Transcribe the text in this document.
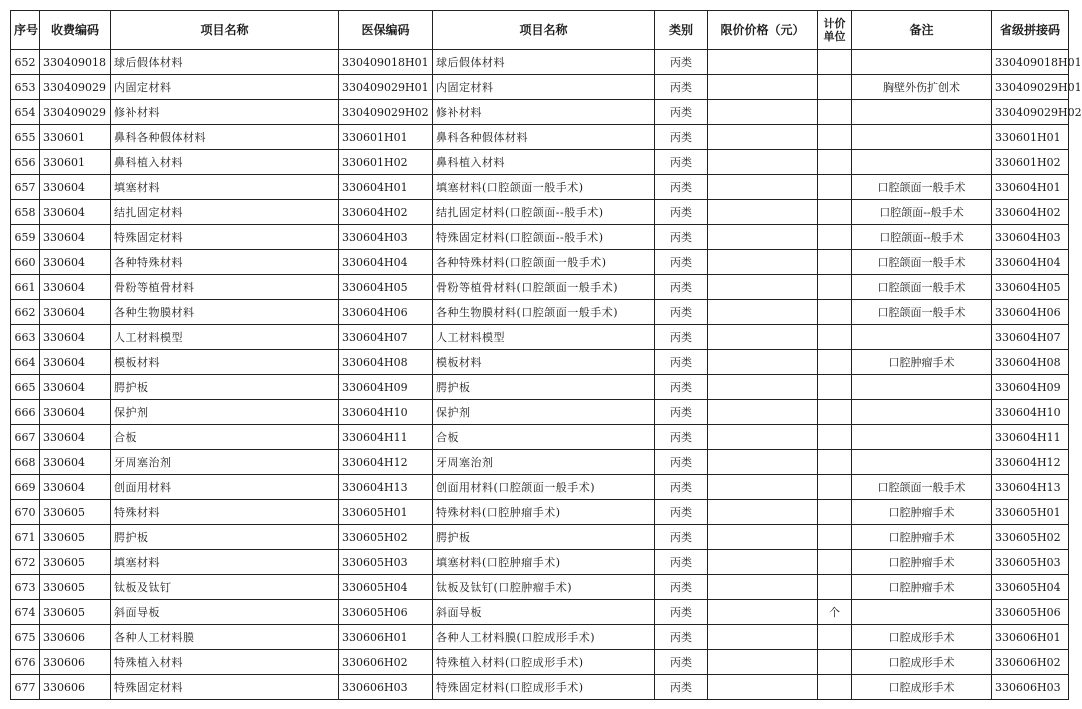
序号	收费编码	项目名称	医保编码	项目名称	类别	限价价格（元）	计价
单位	备注	省级拼接码
652	330409018	球后假体材料	330409018H01	球后假体材料	丙类				330409018H01
653	330409029	内固定材料	330409029H01	内固定材料	丙类			胸壁外伤扩创术	330409029H01
654	330409029	修补材料	330409029H02	修补材料	丙类				330409029H02
655	330601	鼻科各种假体材料	330601H01	鼻科各种假体材料	丙类				330601H01
656	330601	鼻科植入材料	330601H02	鼻科植入材料	丙类				330601H02
657	330604	填塞材料	330604H01	填塞材料(口腔颌面一般手术)	丙类			口腔颌面一般手术	330604H01
658	330604	结扎固定材料	330604H02	结扎固定材料(口腔颌面--般手术)	丙类			口腔颌面--般手术	330604H02
659	330604	特殊固定材料	330604H03	特殊固定材料(口腔颌面--般手术)	丙类			口腔颌面--般手术	330604H03
660	330604	各种特殊材料	330604H04	各种特殊材料(口腔颌面一般手术)	丙类			口腔颌面一般手术	330604H04
661	330604	骨粉等植骨材料	330604H05	骨粉等植骨材料(口腔颌面一般手术)	丙类			口腔颌面一般手术	330604H05
662	330604	各种生物膜材料	330604H06	各种生物膜材料(口腔颌面一般手术)	丙类			口腔颌面一般手术	330604H06
663	330604	人工材料模型	330604H07	人工材料模型	丙类				330604H07
664	330604	模板材料	330604H08	模板材料	丙类			口腔肿瘤手术	330604H08
665	330604	腭护板	330604H09	腭护板	丙类				330604H09
666	330604	保护剂	330604H10	保护剂	丙类				330604H10
667	330604	合板	330604H11	合板	丙类				330604H11
668	330604	牙周塞治剂	330604H12	牙周塞治剂	丙类				330604H12
669	330604	创面用材料	330604H13	创面用材料(口腔颌面一般手术)	丙类			口腔颌面一般手术	330604H13
670	330605	特殊材料	330605H01	特殊材料(口腔肿瘤手术)	丙类			口腔肿瘤手术	330605H01
671	330605	腭护板	330605H02	腭护板	丙类			口腔肿瘤手术	330605H02
672	330605	填塞材料	330605H03	填塞材料(口腔肿瘤手术)	丙类			口腔肿瘤手术	330605H03
673	330605	钛板及钛钉	330605H04	钛板及钛钉(口腔肿瘤手术)	丙类			口腔肿瘤手术	330605H04
674	330605	斜面导板	330605H06	斜面导板	丙类		个		330605H06
675	330606	各种人工材料膜	330606H01	各种人工材料膜(口腔成形手术)	丙类			口腔成形手术	330606H01
676	330606	特殊植入材料	330606H02	特殊植入材料(口腔成形手术)	丙类			口腔成形手术	330606H02
677	330606	特殊固定材料	330606H03	特殊固定材料(口腔成形手术)	丙类			口腔成形手术	330606H03
